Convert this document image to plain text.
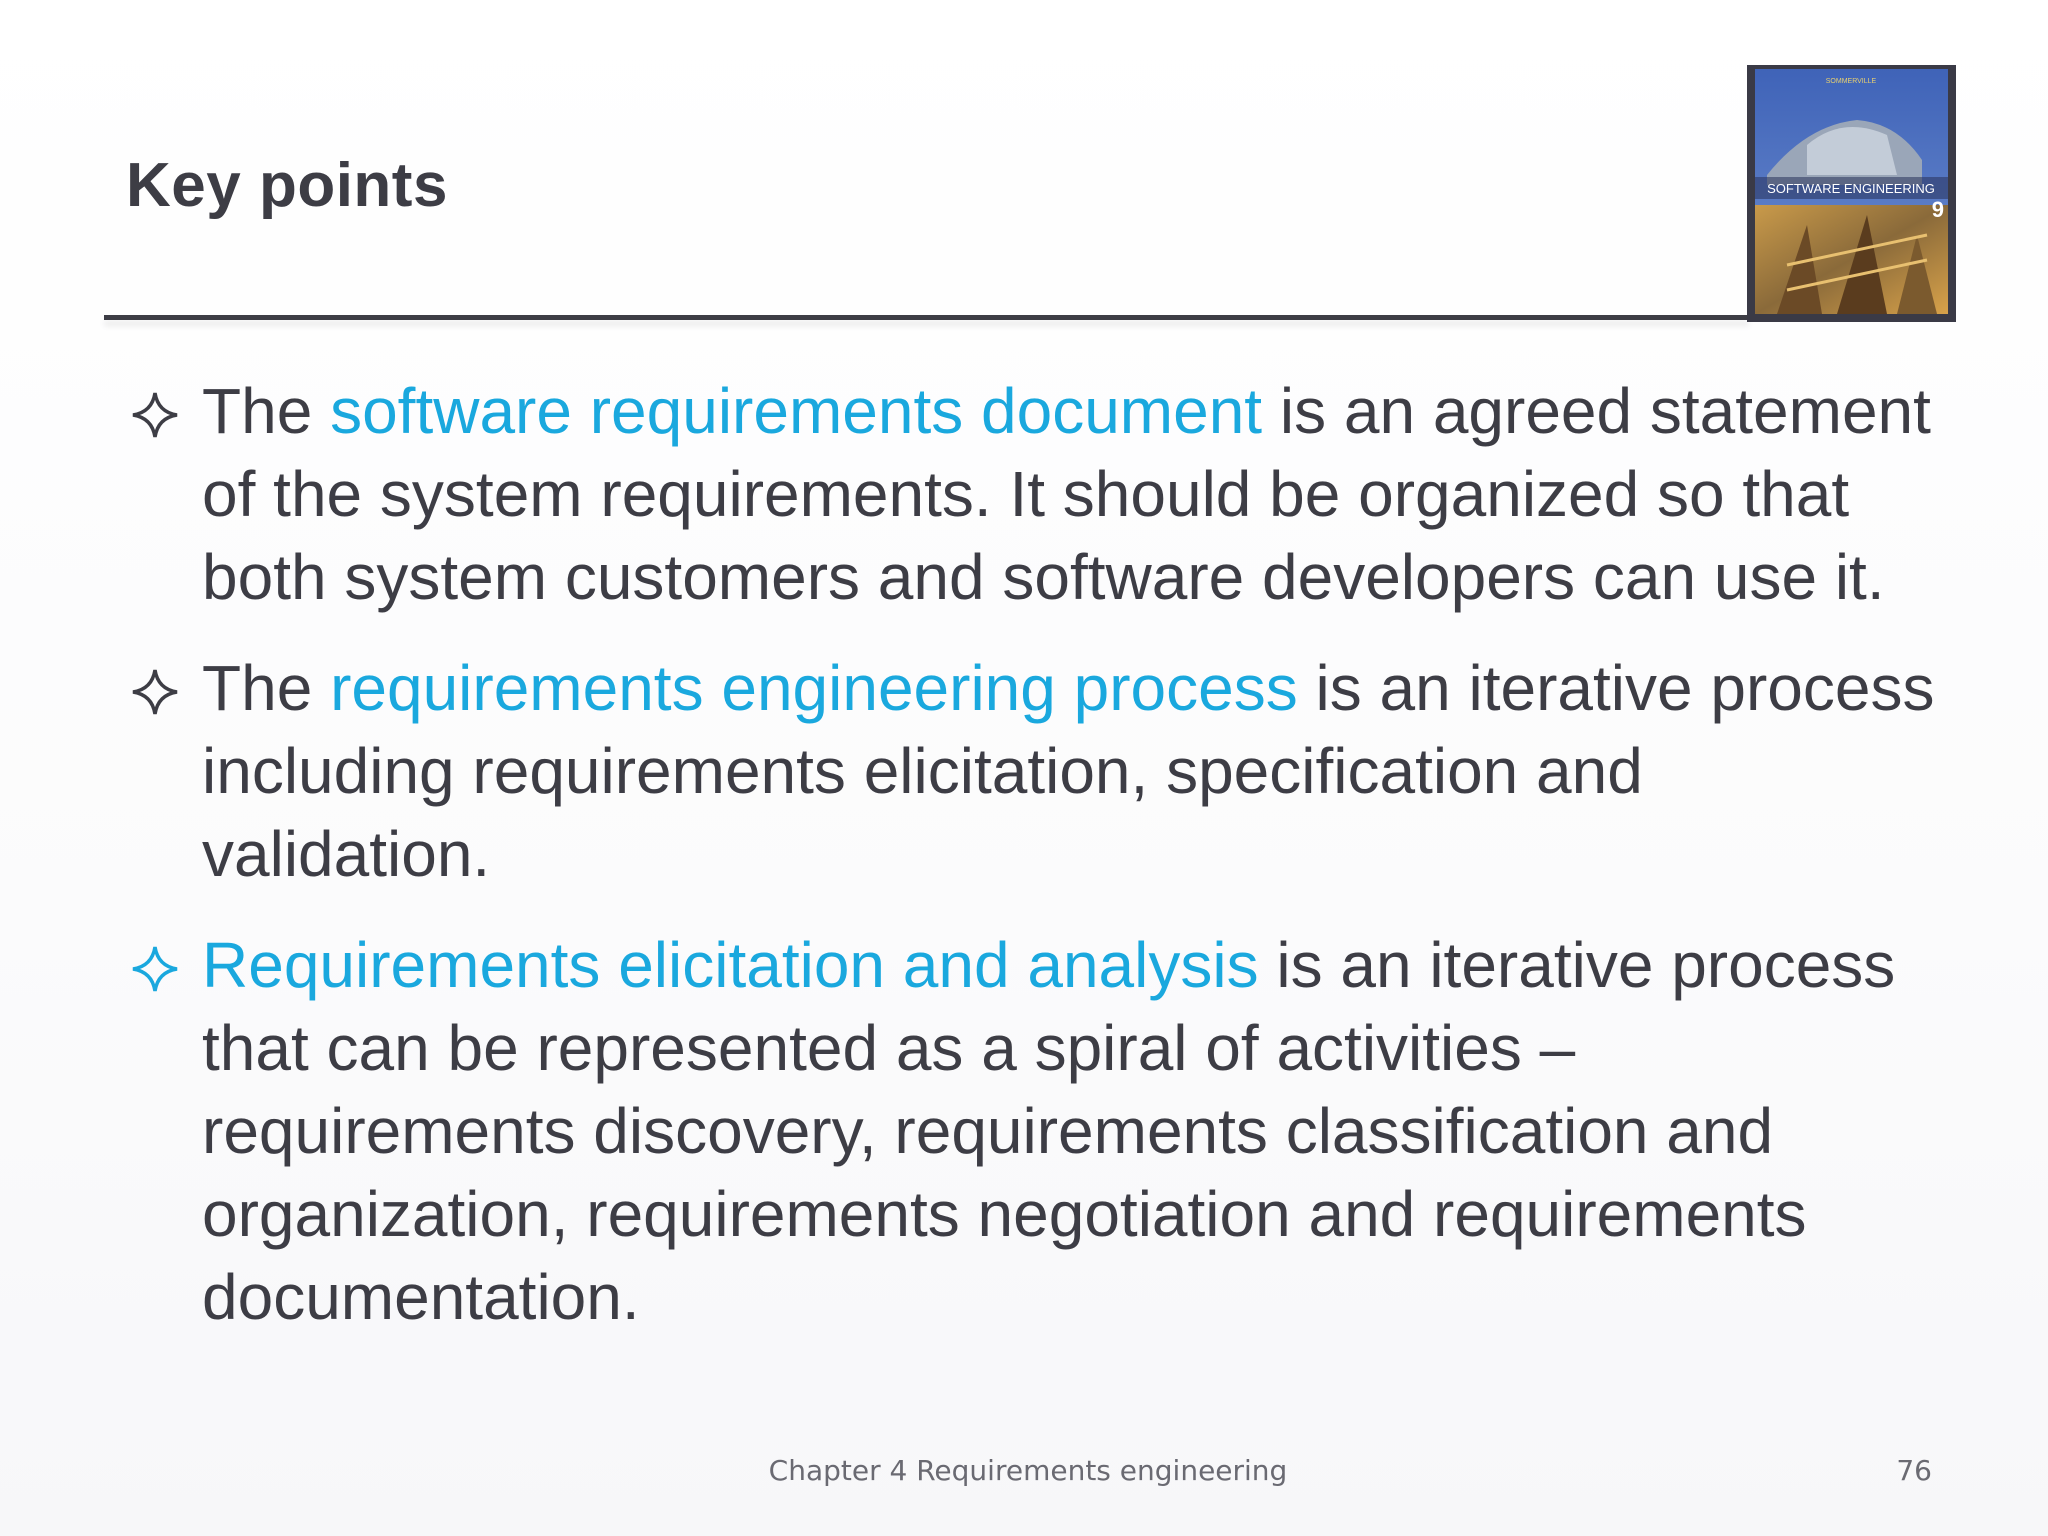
Key points	SOFTWARE ENGINEERING
9
SOMMERVILLE
The software requirements document is an agreed statement of the system requirements. It should be organized so that both system customers and software developers can use it.
The requirements engineering process is an iterative process including requirements elicitation, specification and validation.
Requirements elicitation and analysis is an iterative process that can be represented as a spiral of activities – requirements discovery, requirements classification and organization, requirements negotiation and requirements documentation.
Chapter 4 Requirements engineering	76
